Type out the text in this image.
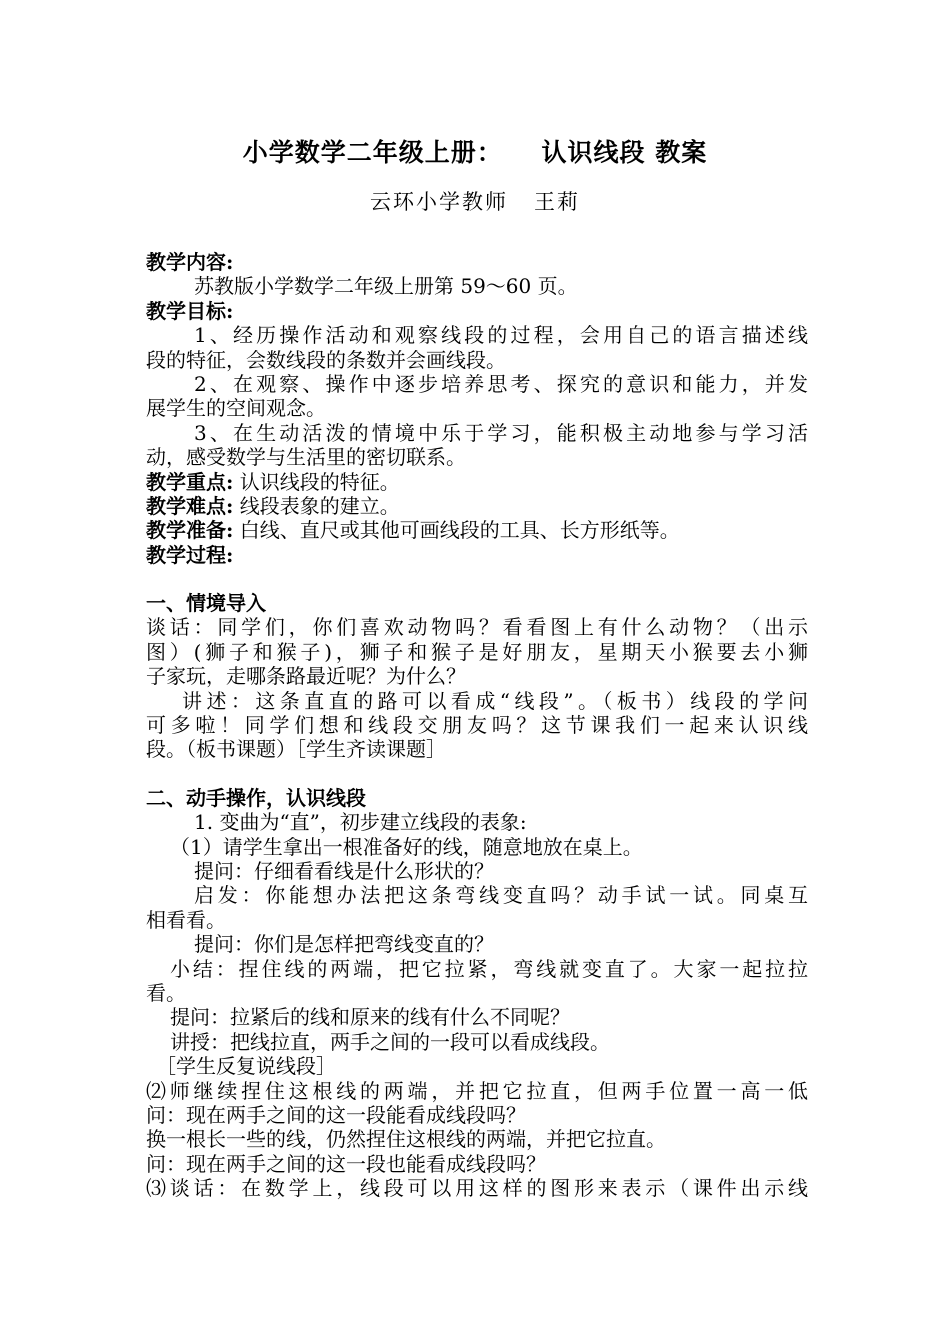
小学数学二年级上册：    认识线段 教案
云环小学教师   王莉
教学内容:
苏教版小学数学二年级上册第 59～60 页。
教学目标:
1、经历操作活动和观察线段的过程，会用自己的语言描述线
段的特征，会数线段的条数并会画线段。
2、在观察、操作中逐步培养思考、探究的意识和能力，并发
展学生的空间观念。
3、在生动活泼的情境中乐于学习，能积极主动地参与学习活
动，感受数学与生活里的密切联系。
教学重点: 认识线段的特征。
教学难点: 线段表象的建立。
教学准备: 白线、直尺或其他可画线段的工具、长方形纸等。
教学过程:
一、情境导入
谈话：同学们，你们喜欢动物吗？看看图上有什么动物？（出示
图）(狮子和猴子)，狮子和猴子是好朋友，星期天小猴要去小狮
子家玩，走哪条路最近呢？为什么？
讲述：这条直直的路可以看成“线段”。（板书）线段的学问
可多啦！同学们想和线段交朋友吗？这节课我们一起来认识线
段。（板书课题）［学生齐读课题］
二、动手操作，认识线段
1. 变曲为“直”，初步建立线段的表象:
（1）请学生拿出一根准备好的线，随意地放在桌上。
提问：仔细看看线是什么形状的？
启发：你能想办法把这条弯线变直吗？动手试一试。同桌互
相看看。
提问：你们是怎样把弯线变直的？
小结：捏住线的两端，把它拉紧，弯线就变直了。大家一起拉拉
看。
提问：拉紧后的线和原来的线有什么不同呢？
讲授：把线拉直，两手之间的一段可以看成线段。
［学生反复说线段］
⑵师继续捏住这根线的两端，并把它拉直，但两手位置一高一低
问：现在两手之间的这一段能看成线段吗？
换一根长一些的线，仍然捏住这根线的两端，并把它拉直。
问：现在两手之间的这一段也能看成线段吗？
⑶谈话：在数学上，线段可以用这样的图形来表示（课件出示线
